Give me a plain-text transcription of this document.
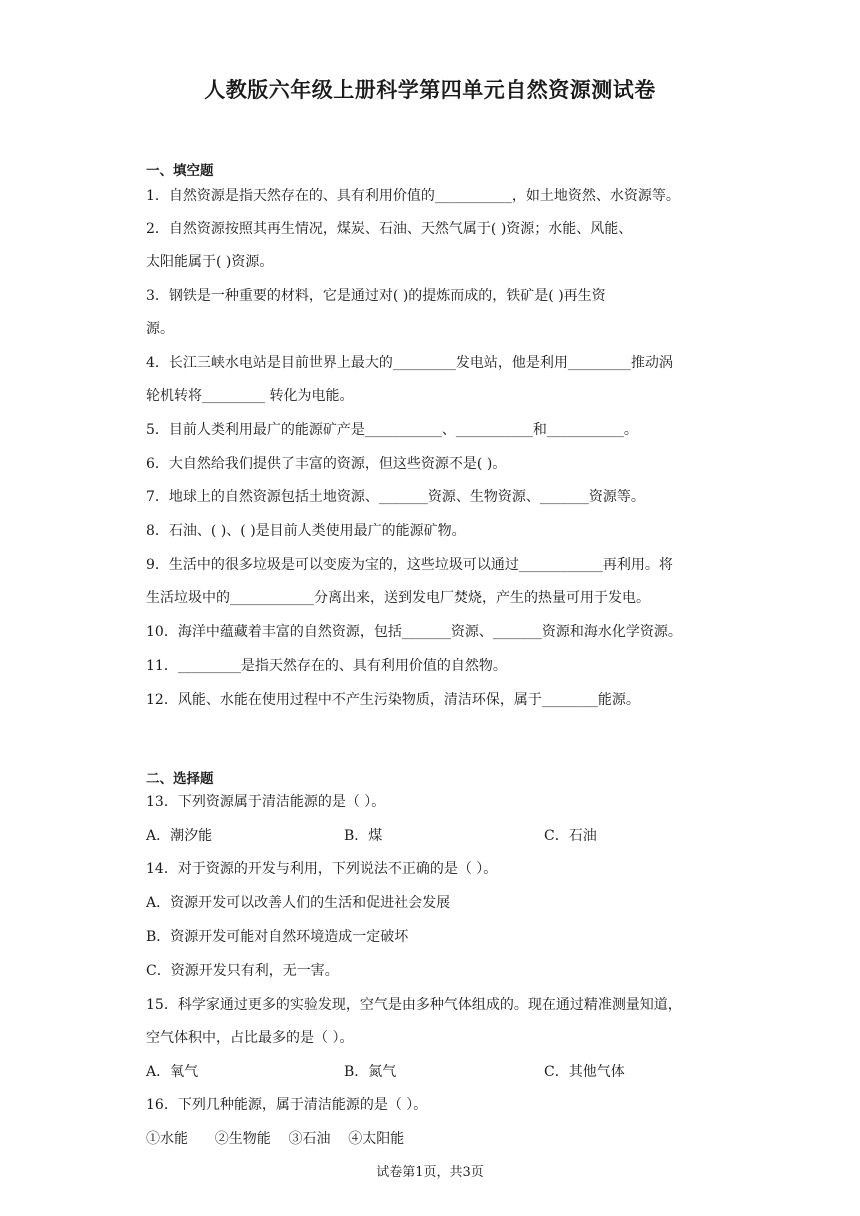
人教版六年级上册科学第四单元自然资源测试卷
一、填空题
1．自然资源是指天然存在的、具有利用价值的___________，如土地资然、水资源等。
2．自然资源按照其再生情况，煤炭、石油、天然气属于( )资源；水能、风能、
太阳能属于( )资源。
3．钢铁是一种重要的材料，它是通过对( )的提炼而成的，铁矿是( )再生资
源。
4．长江三峡水电站是目前世界上最大的_________发电站，他是利用_________推动涡
轮机转将_________ 转化为电能。
5．目前人类利用最广的能源矿产是___________、___________和___________。
6．大自然给我们提供了丰富的资源，但这些资源不是( )。
7．地球上的自然资源包括土地资源、_______资源、生物资源、_______资源等。
8．石油、( )、( )是目前人类使用最广的能源矿物。
9．生活中的很多垃圾是可以变废为宝的，这些垃圾可以通过____________再利用。将
生活垃圾中的____________分离出来，送到发电厂焚烧，产生的热量可用于发电。
10．海洋中蕴藏着丰富的自然资源，包括_______资源、_______资源和海水化学资源。
11．_________是指天然存在的、具有利用价值的自然物。
12．风能、水能在使用过程中不产生污染物质，清洁环保，属于________能源。
二、选择题
13．下列资源属于清洁能源的是（ ）。
A．潮汐能	B．煤	C．石油
14．对于资源的开发与利用，下列说法不正确的是（ ）。
A．资源开发可以改善人们的生活和促进社会发展
B．资源开发可能对自然环境造成一定破坏
C．资源开发只有利，无一害。
15．科学家通过更多的实验发现，空气是由多种气体组成的。现在通过精准测量知道，
空气体积中，占比最多的是（ ）。
A．氧气	B．氮气	C．其他气体
16．下列几种能源，属于清洁能源的是（ ）。
①水能      ②生物能    ③石油    ④太阳能
试卷第1页，共3页
